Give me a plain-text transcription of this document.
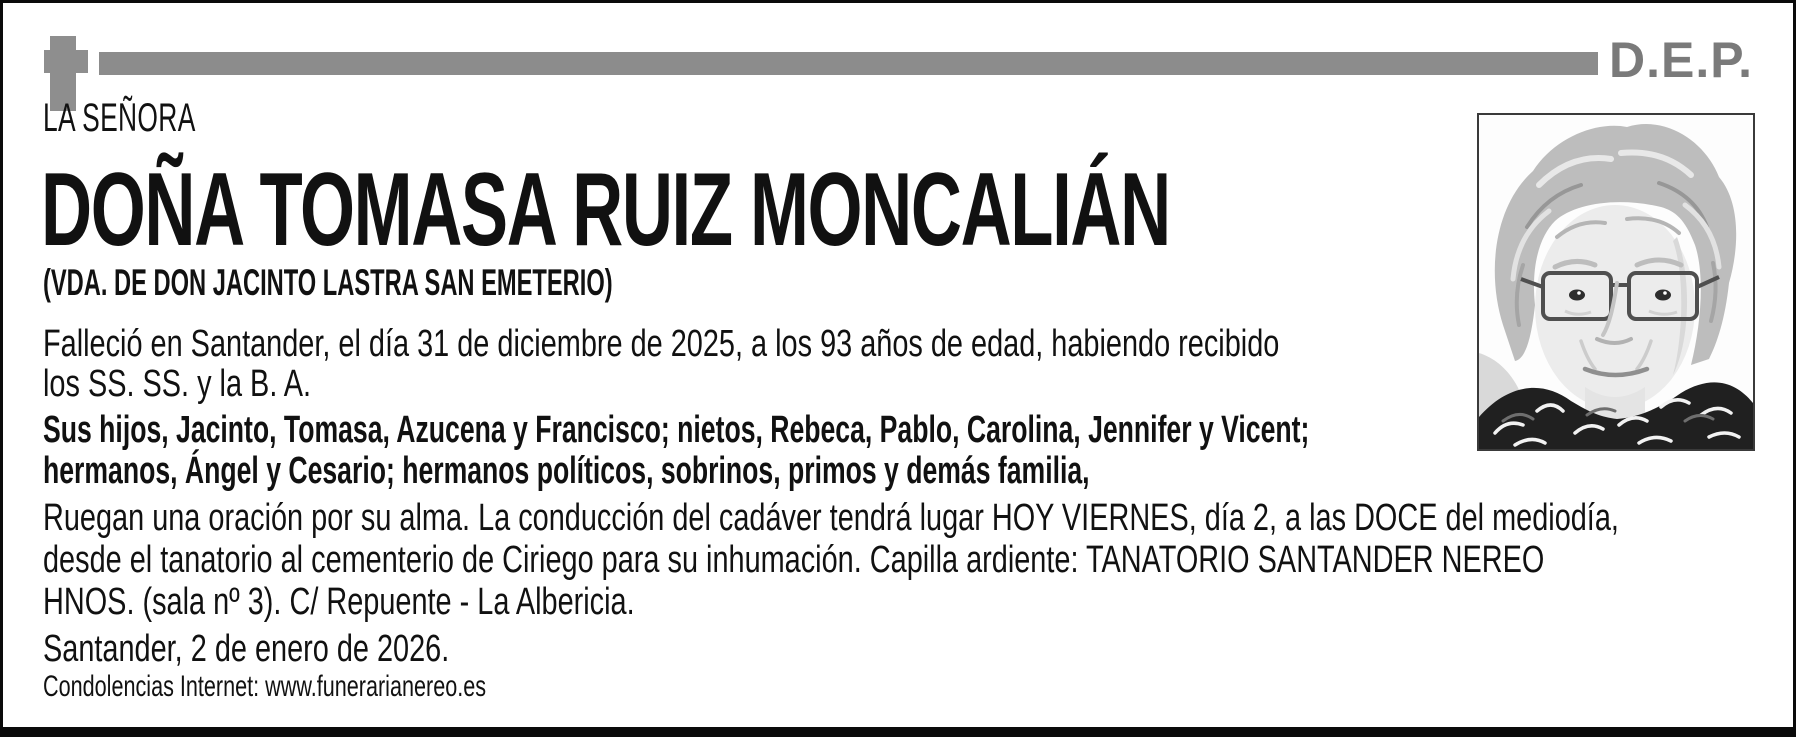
D.E.P.
LA SEÑORA
DOÑA TOMASA RUIZ MONCALIÁN
(VDA. DE DON JACINTO LASTRA SAN EMETERIO)
Falleció en Santander, el día 31 de diciembre de 2025, a los 93 años de edad, habiendo recibido
los SS. SS. y la B. A.
Sus hijos, Jacinto, Tomasa, Azucena y Francisco; nietos, Rebeca, Pablo, Carolina, Jennifer y Vicent;
hermanos, Ángel y Cesario; hermanos políticos, sobrinos, primos y demás familia,
Ruegan una oración por su alma. La conducción del cadáver tendrá lugar HOY VIERNES, día 2, a las DOCE del mediodía,
desde el tanatorio al cementerio de Ciriego para su inhumación. Capilla ardiente: TANATORIO SANTANDER NEREO
HNOS. (sala nº 3). C/ Repuente - La Albericia.
Santander, 2 de enero de 2026.
Condolencias Internet: www.funerarianereo.es
